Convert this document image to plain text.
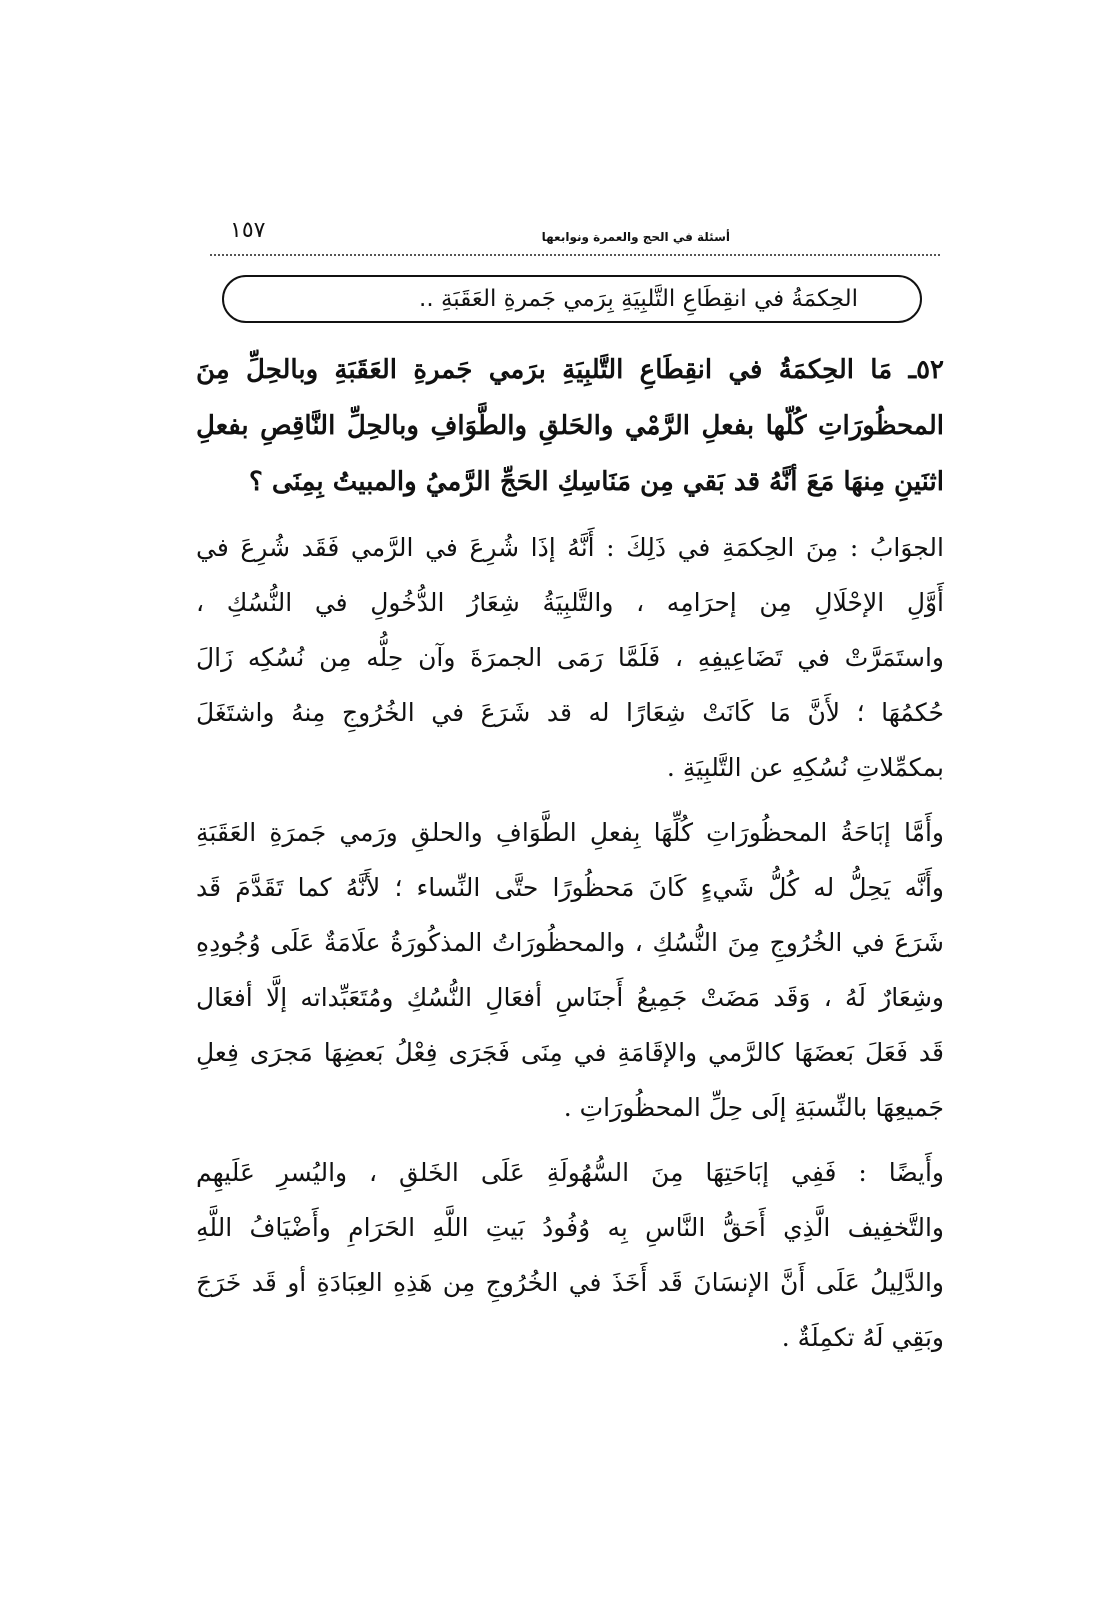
أسئلة في الحج والعمرة ونوابعها
١٥٧
الحِكمَةُ في انقِطَاعِ التَّلبِيَةِ بِرَمي جَمرةِ العَقَبَةِ ..
٥٢ـ مَا الحِكمَةُ في انقِطَاعِ التَّلبِيَةِ برَمي جَمرةِ العَقَبَةِ وبالحِلِّ مِنَ
المحظُورَاتِ كُلّها بفعلِ الرَّمْي والحَلقِ والطَّوَافِ وبالحِلِّ النَّاقِصِ بفعلِ
اثنَينِ مِنهَا مَعَ أنَّهُ قد بَقي مِن مَنَاسِكِ الحَجِّ الرَّميُ والمبيتُ بِمِنَى ؟
الجوَابُ : مِنَ الحِكمَةِ في ذَلِكَ : أَنَّهُ إذَا شُرِعَ في الرَّمي فَقَد شُرِعَ في
أَوَّلِ الإحْلَالِ مِن إحرَامِه ، والتَّلبِيَةُ شِعَارُ الدُّخُولِ في النُّسُكِ ،
واستَمَرَّتْ في تَضَاعِيفِهِ ، فَلَمَّا رَمَى الجمرَةَ وآن حِلُّه مِن نُسُكِه زَالَ
حُكمُهَا ؛ لأَنَّ مَا كَانَتْ شِعَارًا له قد شَرَعَ في الخُرُوجِ مِنهُ واشتَغَلَ
بمكمِّلاتِ نُسُكِهِ عن التَّلبِيَةِ .
وأَمَّا إبَاحَةُ المحظُورَاتِ كُلِّهَا بِفعلِ الطَّوَافِ والحلقِ ورَمي جَمرَةِ العَقَبَةِ
وأَنَّه يَحِلُّ له كُلُّ شَيءٍ كَانَ مَحظُورًا حتَّى النِّساء ؛ لأَنَّهُ كما تَقَدَّمَ قَد
شَرَعَ في الخُرُوجِ مِنَ النُّسُكِ ، والمحظُورَاتُ المذكُورَةُ علَامَةٌ عَلَى وُجُودِهِ
وشِعَارٌ لَهُ ، وَقَد مَضَتْ جَمِيعُ أَجنَاسِ أفعَالِ النُّسُكِ ومُتَعَبِّداته إلَّا أفعَال
قَد فَعَلَ بَعضَهَا كالرَّمي والإقَامَةِ في مِنَى فَجَرَى فِعْلُ بَعضِهَا مَجرَى فِعلِ
جَميعِهَا بالنِّسبَةِ إلَى حِلِّ المحظُورَاتِ .
وأَيضًا : فَفِي إبَاحَتِهَا مِنَ السُّهُولَةِ عَلَى الخَلقِ ، واليُسرِ عَلَيهِم
والتَّخفِيف الَّذِي أَحَقُّ النَّاسِ بِه وُفُودُ بَيتِ اللَّهِ الحَرَامِ وأَضْيَافُ اللَّهِ
والدَّلِيلُ عَلَى أَنَّ الإنسَانَ قَد أَخَذَ في الخُرُوجِ مِن هَذِهِ العِبَادَةِ أو قَد خَرَجَ
وبَقِي لَهُ تكمِلَةٌ .
